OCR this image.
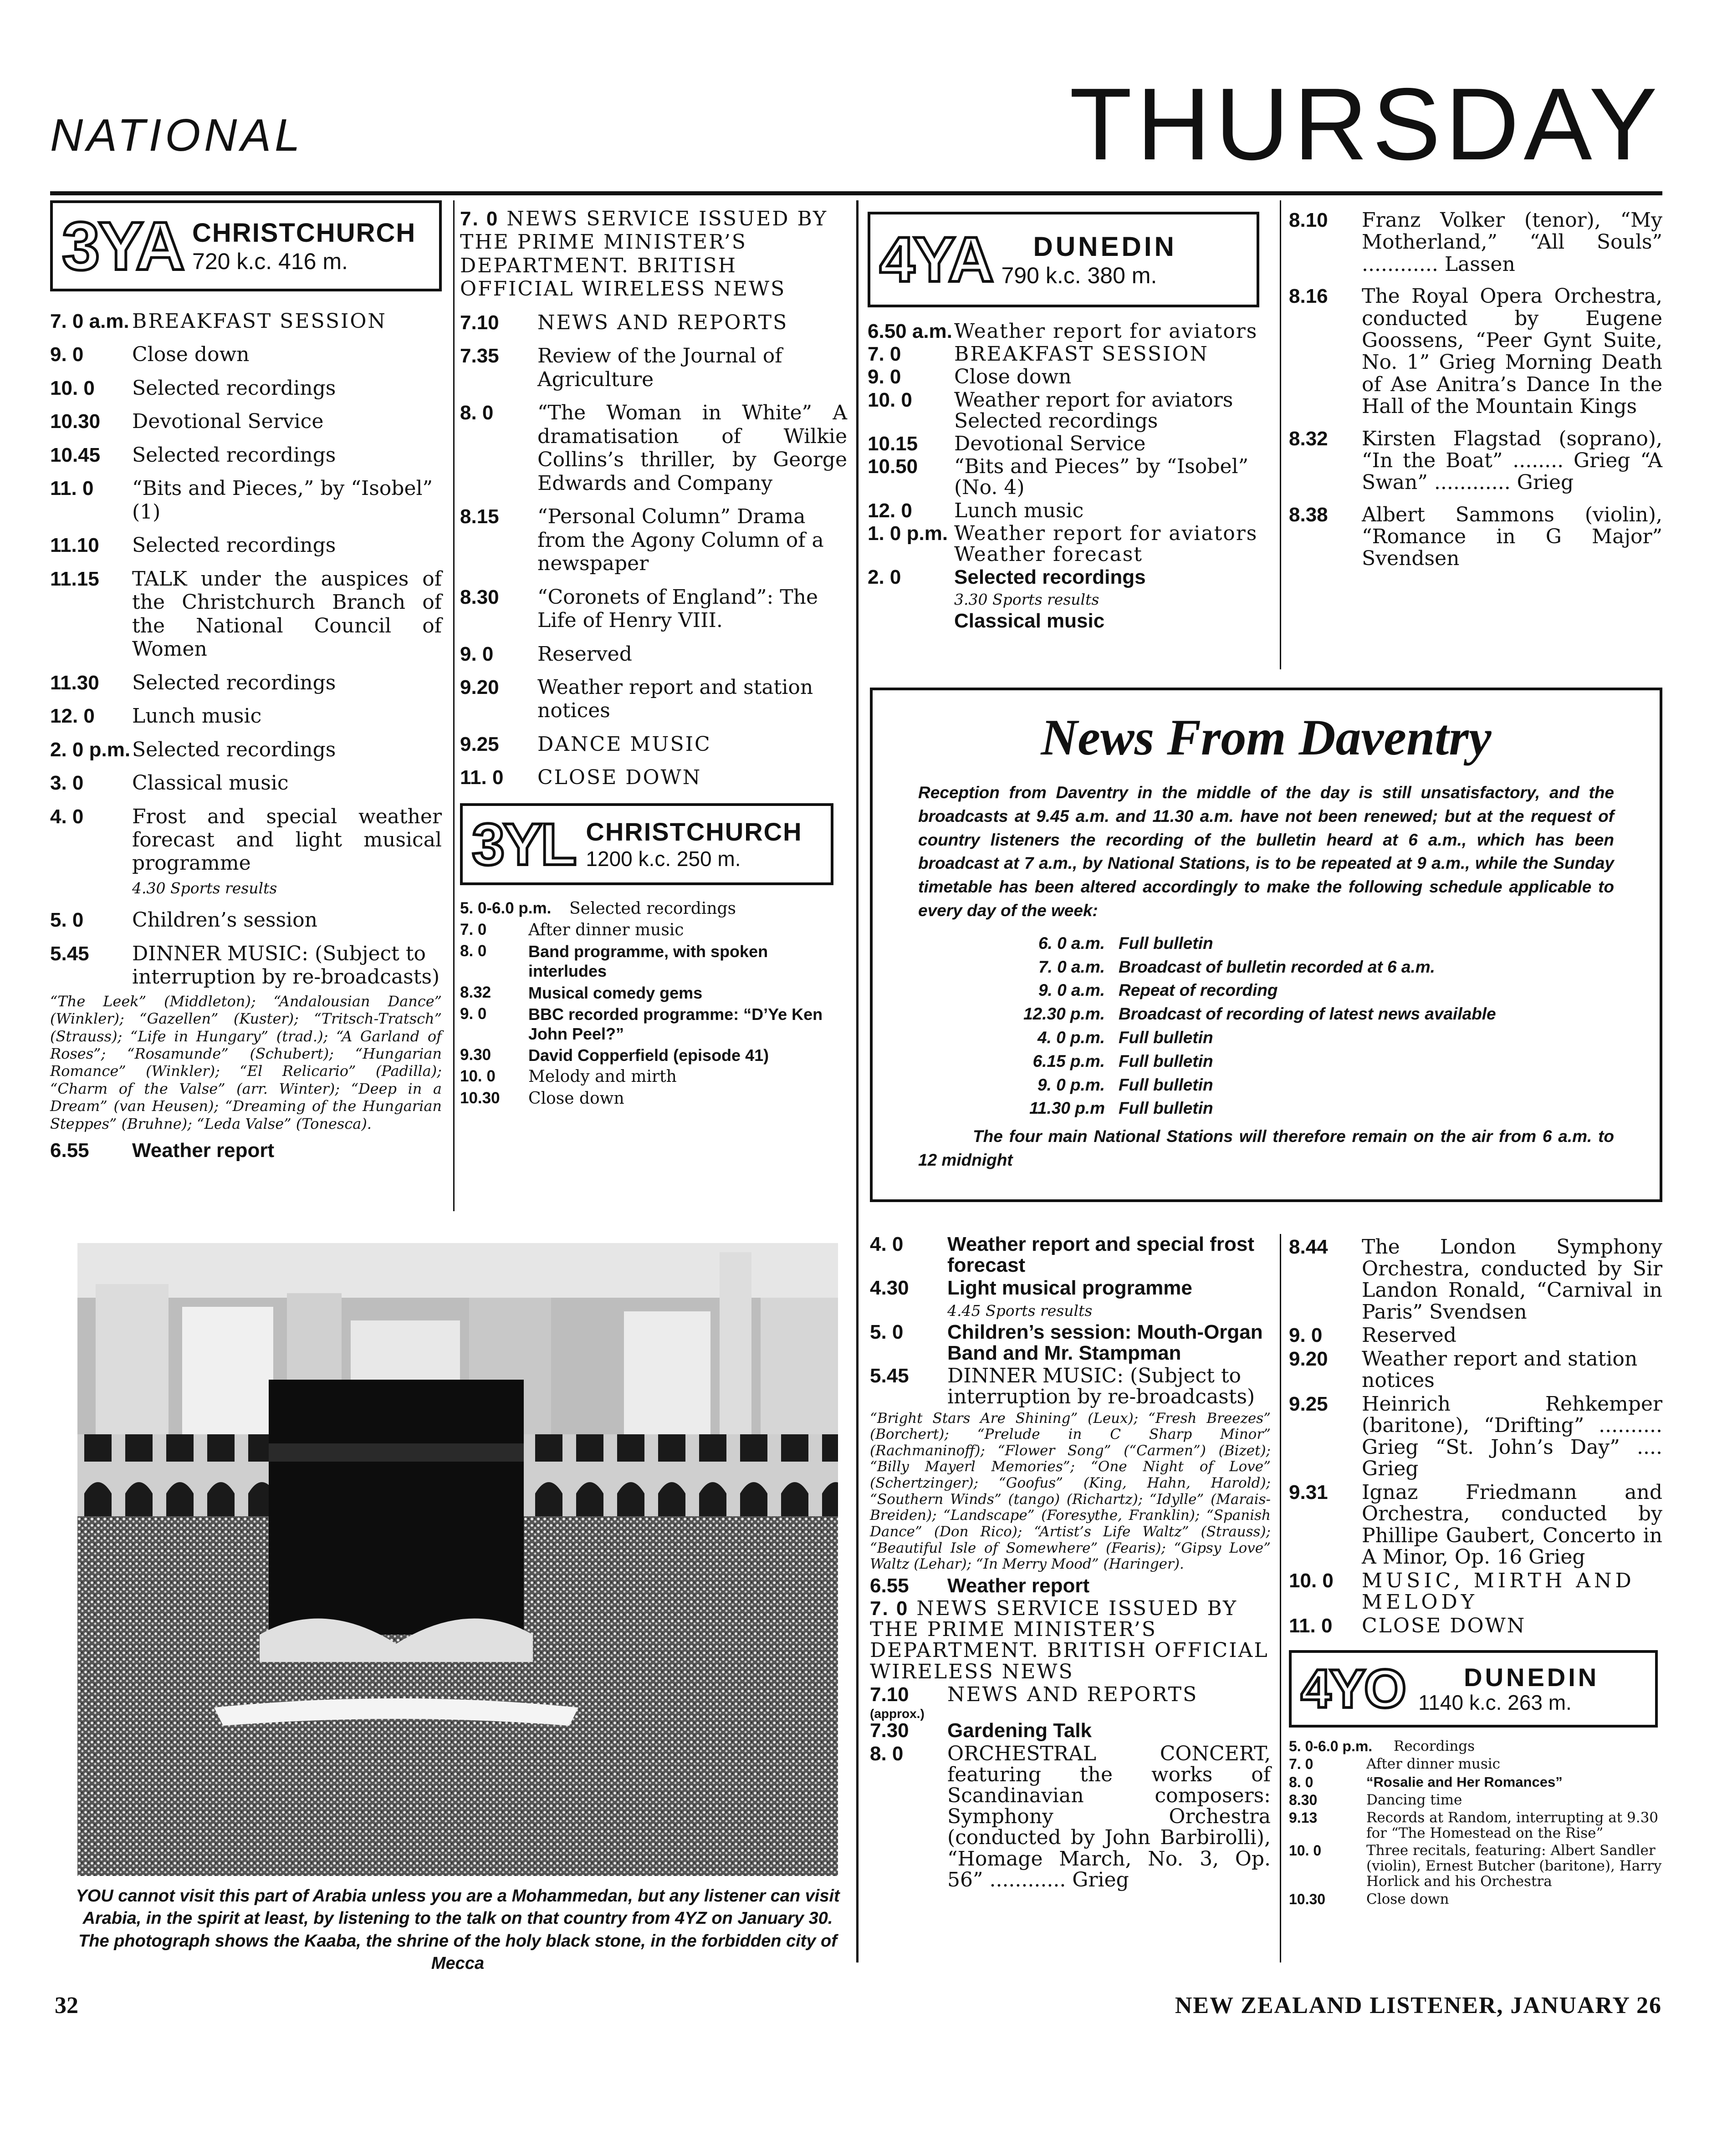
NATIONAL	THURSDAY
3YA CHRISTCHURCH
720 k.c. 416 m.
7. 0 a.m. BREAKFAST SESSION
9. 0	Close down
10. 0	Selected recordings
10.30	Devotional Service
10.45	Selected recordings
11. 0	“Bits and Pieces,” by “Isobel” (1)
11.10	Selected recordings
11.15	TALK under the auspices of the Christchurch Branch of the National Council of Women
11.30	Selected recordings
12. 0	Lunch music
2. 0 p.m. Selected recordings
3. 0	Classical music
4. 0	Frost and special weather forecast and light musical programme
4.30 Sports results
5. 0	Children’s session
5.45	DINNER MUSIC: (Subject to interruption by re-broadcasts)
“The Leek” (Middleton); “Andalousian Dance” (Winkler); “Gazellen” (Kuster); “Tritsch-Tratsch” (Strauss); “Life in Hungary” (trad.); “A Garland of Roses”; “Rosamunde” (Schubert); “Hungarian Romance” (Winkler); “El Relicario” (Padilla); “Charm of the Valse” (arr. Winter); “Deep in a Dream” (van Heusen); “Dreaming of the Hungarian Steppes” (Bruhne); “Leda Valse” (Tonesca).
6.55	Weather report
7. 0 NEWS SERVICE ISSUED BY THE PRIME MINISTER’S DEPARTMENT. BRITISH OFFICIAL WIRELESS NEWS
7.10	NEWS AND REPORTS
7.35	Review of the Journal of Agriculture
8. 0	“The Woman in White” A dramatisation of Wilkie Collins’s thriller, by George Edwards and Company
8.15	“Personal Column” Drama from the Agony Column of a newspaper
8.30	“Coronets of England”: The Life of Henry VIII.
9. 0	Reserved
9.20	Weather report and station notices
9.25	DANCE MUSIC
11. 0	CLOSE DOWN
3YL CHRISTCHURCH
1200 k.c. 250 m.
5. 0-6.0 p.m.	Selected recordings
7. 0	After dinner music
8. 0	Band programme, with spoken interludes
8.32	Musical comedy gems
9. 0	BBC recorded programme: “D’Ye Ken John Peel?”
9.30	David Copperfield (episode 41)
10. 0	Melody and mirth
10.30	Close down
4YA DUNEDIN
790 k.c. 380 m.
6.50 a.m. Weather report for aviators
7. 0	BREAKFAST SESSION
9. 0	Close down
10. 0	Weather report for aviators Selected recordings
10.15	Devotional Service
10.50	“Bits and Pieces” by “Isobel” (No. 4)
12. 0	Lunch music
1. 0 p.m. Weather report for aviators Weather forecast
2. 0	Selected recordings
3.30 Sports results
Classical music
8.10	Franz Volker (tenor), “My Motherland,” “All Souls” ............ Lassen
8.16	The Royal Opera Orchestra, conducted by Eugene Goossens, “Peer Gynt Suite, No. 1” Grieg Morning Death of Ase Anitra’s Dance In the Hall of the Mountain Kings
8.32	Kirsten Flagstad (soprano), “In the Boat” ........ Grieg “A Swan” ............ Grieg
8.38	Albert Sammons (violin), “Romance in G Major” Svendsen
News From Daventry
Reception from Daventry in the middle of the day is still unsatisfactory, and the broadcasts at 9.45 a.m. and 11.30 a.m. have not been renewed; but at the request of country listeners the recording of the bulletin heard at 6 a.m., which has been broadcast at 7 a.m., by National Stations, is to be repeated at 9 a.m., while the Sunday timetable has been altered accordingly to make the following schedule applicable to every day of the week:
6. 0 a.m. Full bulletin
7. 0 a.m. Broadcast of bulletin recorded at 6 a.m.
9. 0 a.m. Repeat of recording
12.30 p.m. Broadcast of recording of latest news available
4. 0 p.m. Full bulletin
6.15 p.m. Full bulletin
9. 0 p.m. Full bulletin
11.30 p.m Full bulletin
The four main National Stations will therefore remain on the air from 6 a.m. to 12 midnight
YOU cannot visit this part of Arabia unless you are a Mohammedan, but any listener can visit Arabia, in the spirit at least, by listening to the talk on that country from 4YZ on January 30. The photograph shows the Kaaba, the shrine of the holy black stone, in the forbidden city of Mecca
4. 0	Weather report and special frost forecast
4.30	Light musical programme
4.45 Sports results
5. 0	Children’s session: Mouth-Organ Band and Mr. Stampman
5.45	DINNER MUSIC: (Subject to interruption by re-broadcasts)
“Bright Stars Are Shining” (Leux); “Fresh Breezes” (Borchert); “Prelude in C Sharp Minor” (Rachmaninoff); “Flower Song” (“Carmen”) (Bizet); “Billy Mayerl Memories”; “One Night of Love” (Schertzinger); “Goofus” (King, Hahn, Harold); “Southern Winds” (tango) (Richartz); “Idylle” (Marais-Breiden); “Landscape” (Foresythe, Franklin); “Spanish Dance” (Don Rico); “Artist’s Life Waltz” (Strauss); “Beautiful Isle of Somewhere” (Fearis); “Gipsy Love” Waltz (Lehar); “In Merry Mood” (Haringer).
6.55	Weather report
7. 0 NEWS SERVICE ISSUED BY THE PRIME MINISTER’S DEPARTMENT. BRITISH OFFICIAL WIRELESS NEWS
7.10	NEWS AND REPORTS
(approx.)
7.30	Gardening Talk
8. 0	ORCHESTRAL CONCERT, featuring the works of Scandinavian composers: Symphony Orchestra (conducted by John Barbirolli), “Homage March, No. 3, Op. 56” ............ Grieg
8.44	The London Symphony Orchestra, conducted by Sir Landon Ronald, “Carnival in Paris” Svendsen
9. 0	Reserved
9.20	Weather report and station notices
9.25	Heinrich Rehkemper (baritone), “Drifting” .......... Grieg “St. John’s Day” .... Grieg
9.31	Ignaz Friedmann and Orchestra, conducted by Phillipe Gaubert, Concerto in A Minor, Op. 16 Grieg
10. 0	MUSIC, MIRTH AND MELODY
11. 0	CLOSE DOWN
4YO DUNEDIN
1140 k.c. 263 m.
5. 0-6.0 p.m.	Recordings
7. 0	After dinner music
8. 0	“Rosalie and Her Romances”
8.30	Dancing time
9.13	Records at Random, interrupting at 9.30 for “The Homestead on the Rise”
10. 0	Three recitals, featuring: Albert Sandler (violin), Ernest Butcher (baritone), Harry Horlick and his Orchestra
10.30	Close down
32	NEW ZEALAND LISTENER, JANUARY 26
